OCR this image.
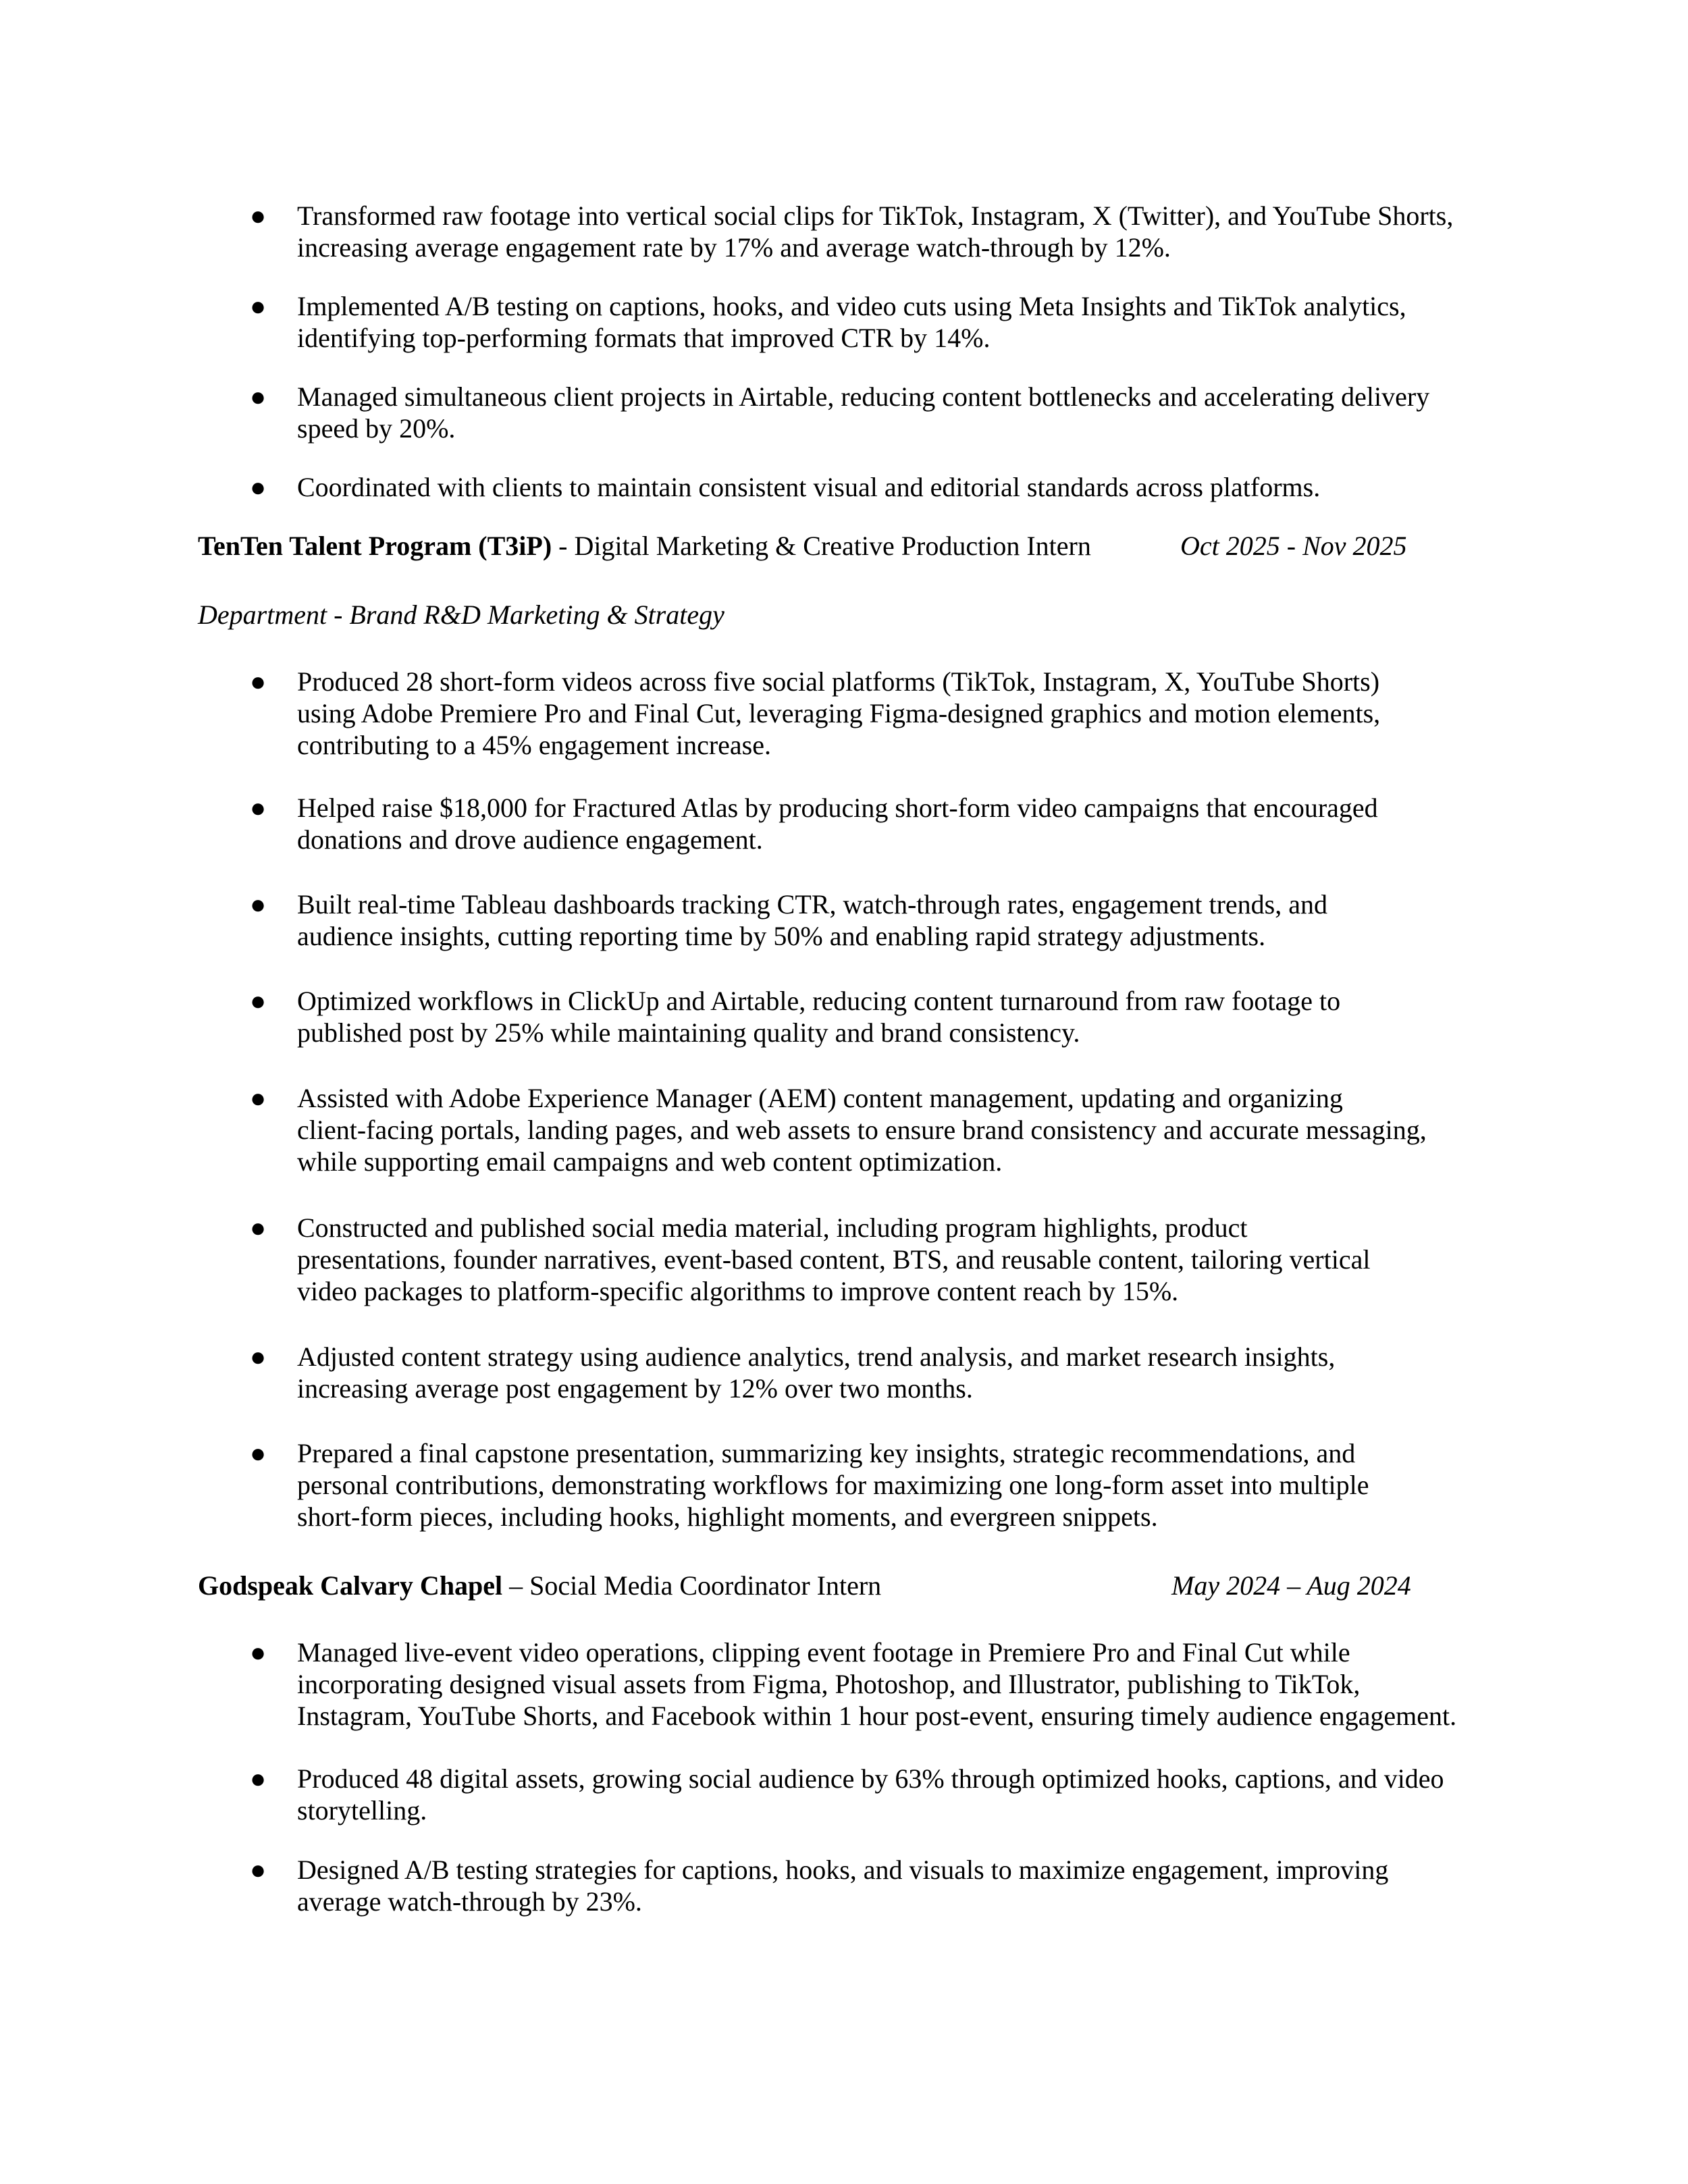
● Transformed raw footage into vertical social clips for TikTok, Instagram, X (Twitter), and YouTube Shorts,
increasing average engagement rate by 17% and average watch-through by 12%.
● Implemented A/B testing on captions, hooks, and video cuts using Meta Insights and TikTok analytics,
identifying top-performing formats that improved CTR by 14%.
● Managed simultaneous client projects in Airtable, reducing content bottlenecks and accelerating delivery
speed by 20%.
● Coordinated with clients to maintain consistent visual and editorial standards across platforms.
TenTen Talent Program (T3iP) - Digital Marketing & Creative Production Intern	Oct 2025 - Nov 2025
Department - Brand R&D Marketing & Strategy
● Produced 28 short-form videos across five social platforms (TikTok, Instagram, X, YouTube Shorts)
using Adobe Premiere Pro and Final Cut, leveraging Figma-designed graphics and motion elements,
contributing to a 45% engagement increase.
● Helped raise $18,000 for Fractured Atlas by producing short-form video campaigns that encouraged
donations and drove audience engagement.
● Built real-time Tableau dashboards tracking CTR, watch-through rates, engagement trends, and
audience insights, cutting reporting time by 50% and enabling rapid strategy adjustments.
● Optimized workflows in ClickUp and Airtable, reducing content turnaround from raw footage to
published post by 25% while maintaining quality and brand consistency.
● Assisted with Adobe Experience Manager (AEM) content management, updating and organizing
client-facing portals, landing pages, and web assets to ensure brand consistency and accurate messaging,
while supporting email campaigns and web content optimization.
● Constructed and published social media material, including program highlights, product
presentations, founder narratives, event-based content, BTS, and reusable content, tailoring vertical
video packages to platform-specific algorithms to improve content reach by 15%.
● Adjusted content strategy using audience analytics, trend analysis, and market research insights,
increasing average post engagement by 12% over two months.
● Prepared a final capstone presentation, summarizing key insights, strategic recommendations, and
personal contributions, demonstrating workflows for maximizing one long-form asset into multiple
short-form pieces, including hooks, highlight moments, and evergreen snippets.
Godspeak Calvary Chapel – Social Media Coordinator Intern	May 2024 – Aug 2024
● Managed live-event video operations, clipping event footage in Premiere Pro and Final Cut while
incorporating designed visual assets from Figma, Photoshop, and Illustrator, publishing to TikTok,
Instagram, YouTube Shorts, and Facebook within 1 hour post-event, ensuring timely audience engagement.
● Produced 48 digital assets, growing social audience by 63% through optimized hooks, captions, and video
storytelling.
● Designed A/B testing strategies for captions, hooks, and visuals to maximize engagement, improving
average watch-through by 23%.
